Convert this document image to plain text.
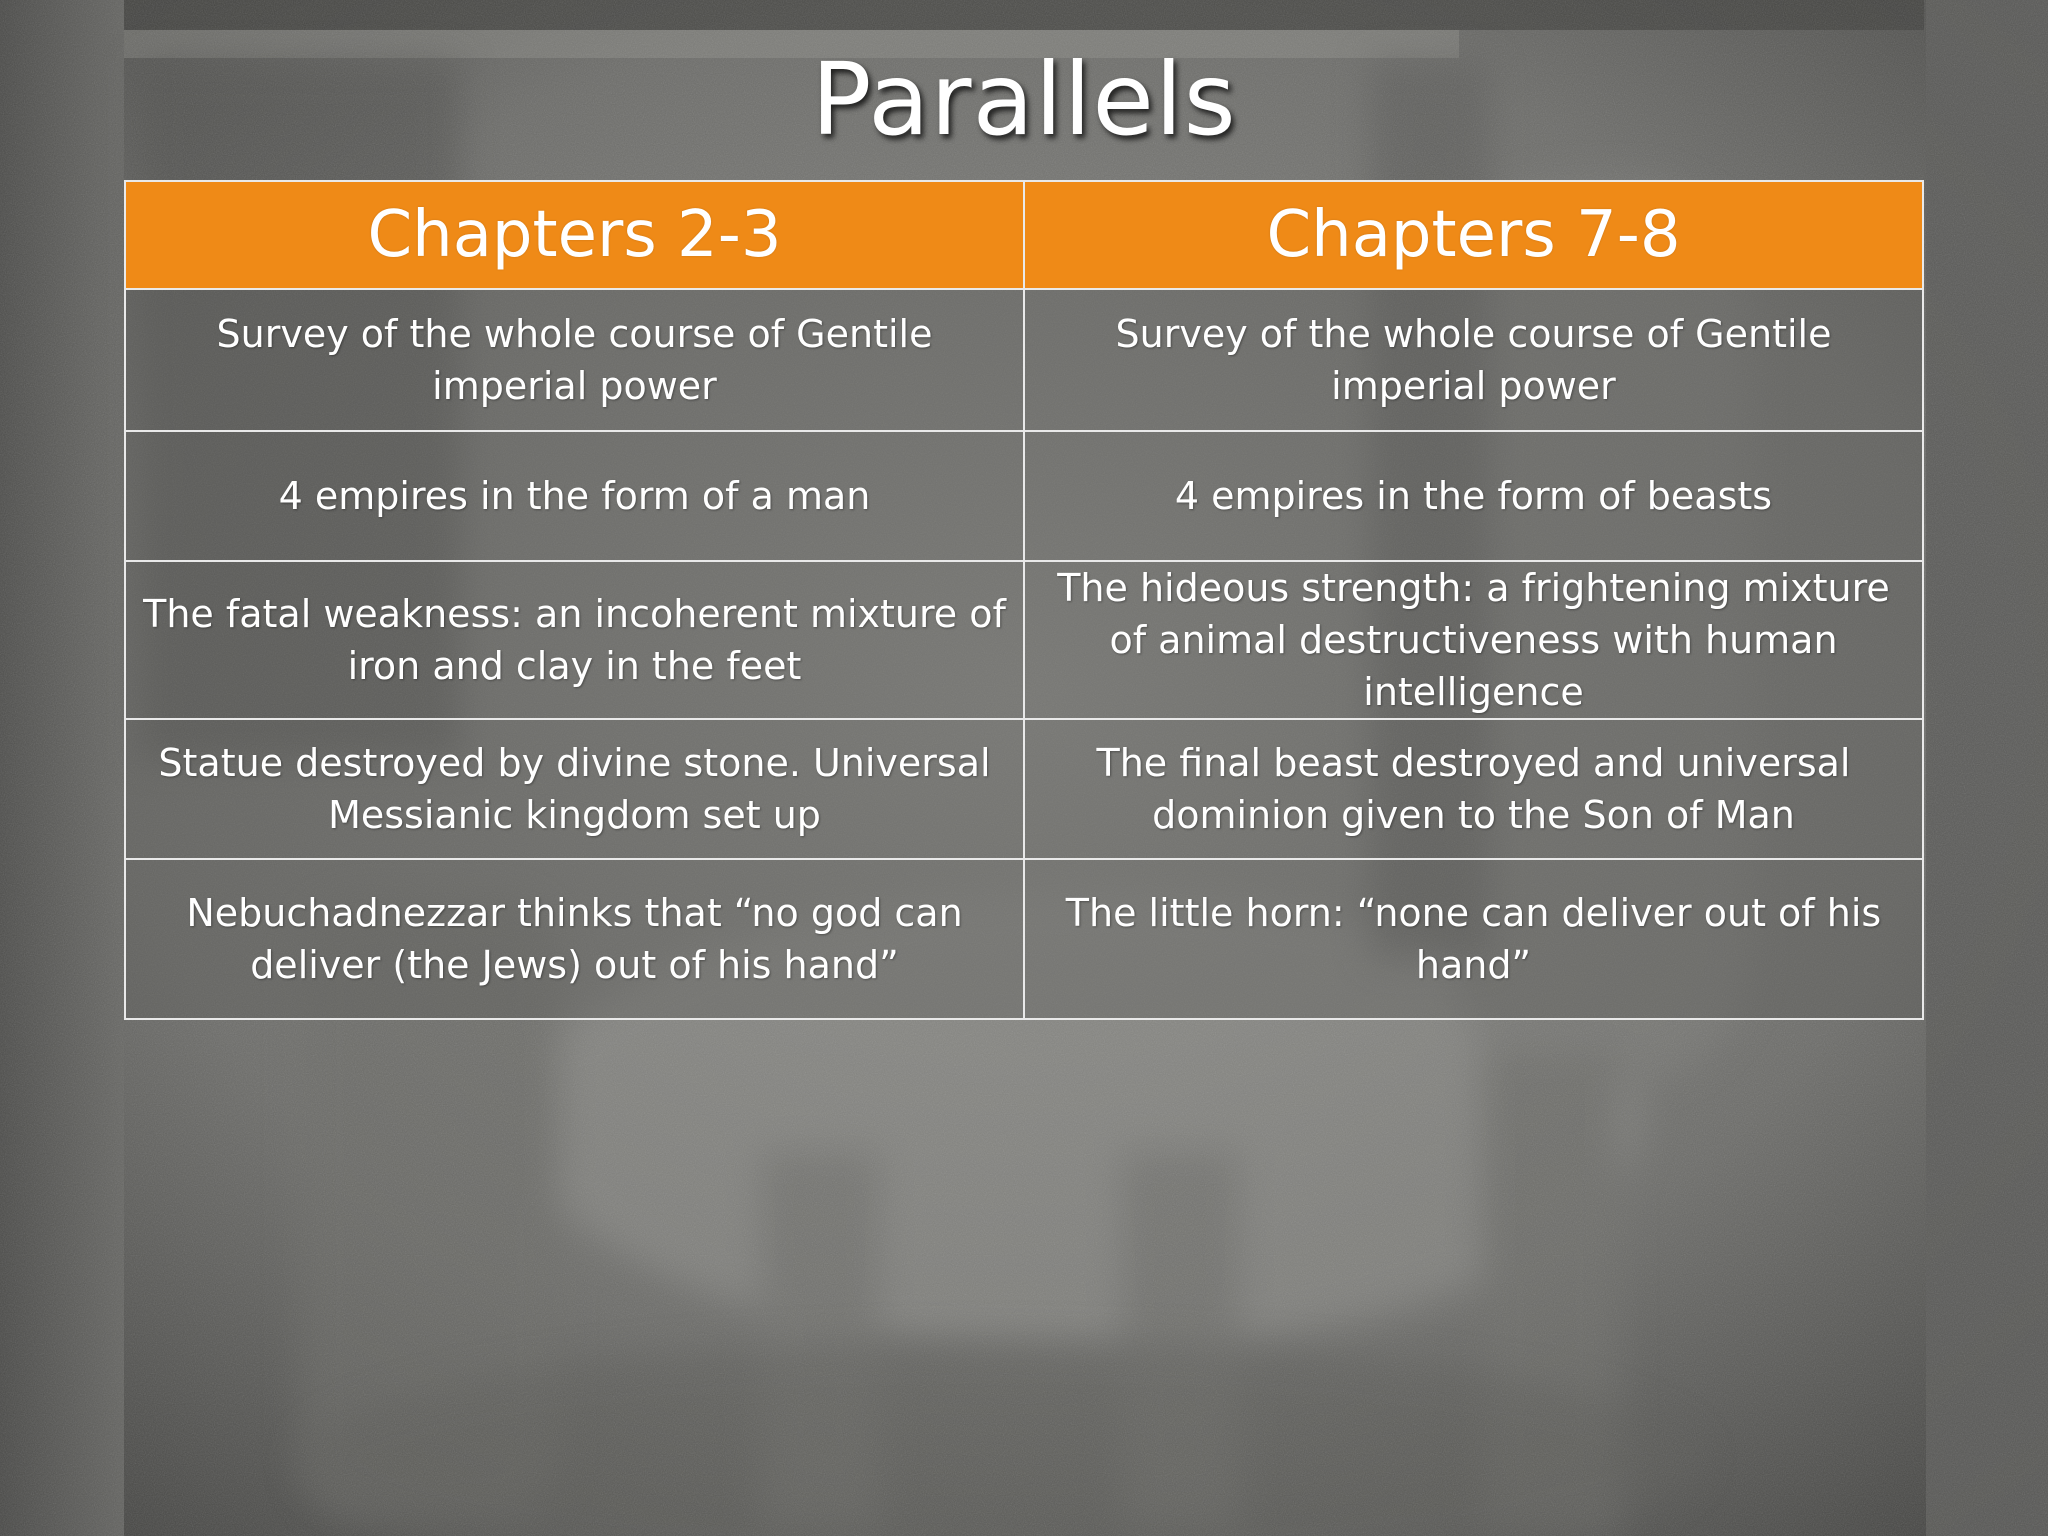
Parallels
Chapters 2-3	Chapters 7-8
Survey of the whole course of Gentile imperial power	Survey of the whole course of Gentile imperial power
4 empires in the form of a man	4 empires in the form of beasts
The fatal weakness: an incoherent mixture of iron and clay in the feet	The hideous strength: a frightening mixture of animal destructiveness with human intelligence
Statue destroyed by divine stone. Universal Messianic kingdom set up	The final beast destroyed and universal dominion given to the Son of Man
Nebuchadnezzar thinks that “no god can deliver (the Jews) out of his hand”	The little horn: “none can deliver out of his hand”
